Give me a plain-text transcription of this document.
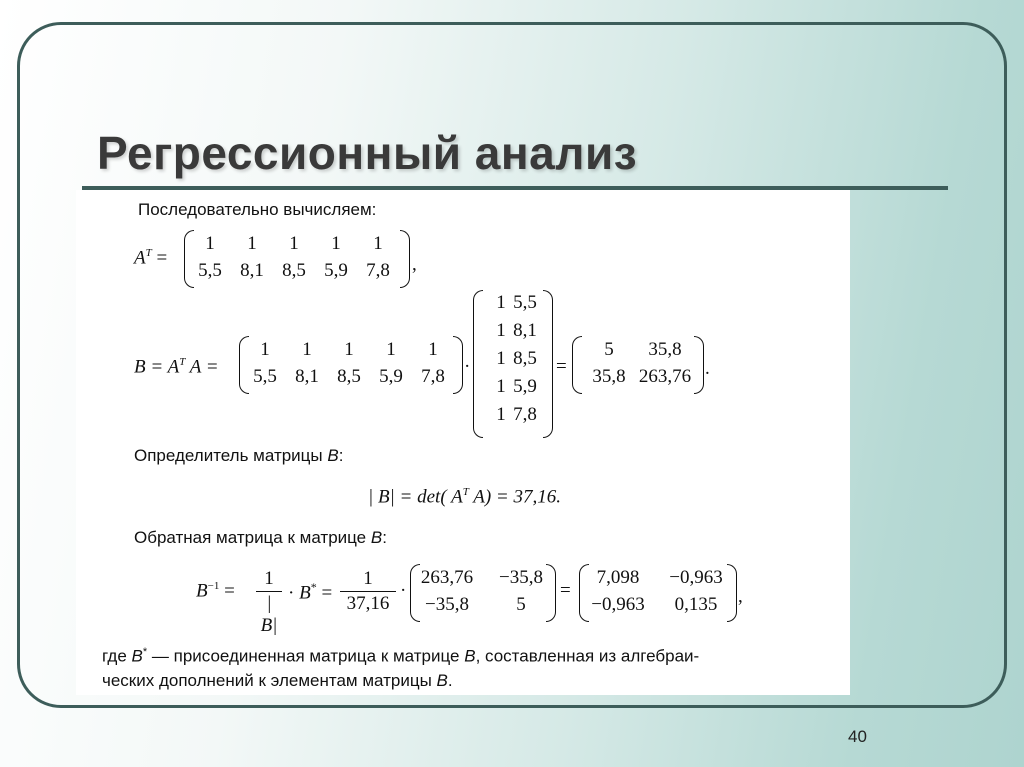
Регрессионный анализ
Последовательно вычисляем:
$A^T$ =
1	1	1	1	1
5,5 8,1 8,5 5,9 7,8	,
$B = A^T$ A =
1	1	1	1	1
5,5 8,1 8,5 5,9 7,8	·
1 5,5
1 8,1
1 8,5
1 5,9
1 7,8
=
5	35,8
35,8 263,76 .
Определитель матрицы B:
| B| = det( $A^T$ A) = 37,16.
Обратная матрица к матрице B:
$B^{-1}$ =
1
| B|
· B* =
1
37,16
·
263,76	−35,8
−35,8	5
=
7,098	−0,963
−0,963	0,135	,
где B* — присоединенная матрица к матрице B, составленная из алгебраи-
ческих дополнений к элементам матрицы B.
40
